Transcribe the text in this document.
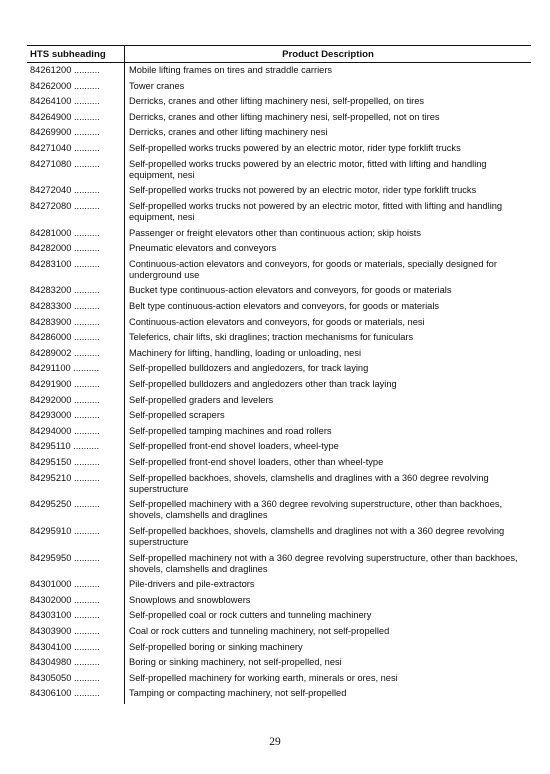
HTS subheading	Product Description
84261200 ..........	Mobile lifting frames on tires and straddle carriers
84262000 ..........	Tower cranes
84264100 ..........	Derricks, cranes and other lifting machinery nesi, self-propelled, on tires
84264900 ..........	Derricks, cranes and other lifting machinery nesi, self-propelled, not on tires
84269900 ..........	Derricks, cranes and other lifting machinery nesi
84271040 ..........	Self-propelled works trucks powered by an electric motor, rider type forklift trucks
84271080 ..........	Self-propelled works trucks powered by an electric motor, fitted with lifting and handling equipment, nesi
84272040 ..........	Self-propelled works trucks not powered by an electric motor, rider type forklift trucks
84272080 ..........	Self-propelled works trucks not powered by an electric motor, fitted with lifting and handling equipment, nesi
84281000 ..........	Passenger or freight elevators other than continuous action; skip hoists
84282000 ..........	Pneumatic elevators and conveyors
84283100 ..........	Continuous-action elevators and conveyors, for goods or materials, specially designed for underground use
84283200 ..........	Bucket type continuous-action elevators and conveyors, for goods or materials
84283300 ..........	Belt type continuous-action elevators and conveyors, for goods or materials
84283900 ..........	Continuous-action elevators and conveyors, for goods or materials, nesi
84286000 ..........	Teleferics, chair lifts, ski draglines; traction mechanisms for funiculars
84289002 ..........	Machinery for lifting, handling, loading or unloading, nesi
84291100 ..........	Self-propelled bulldozers and angledozers, for track laying
84291900 ..........	Self-propelled bulldozers and angledozers other than track laying
84292000 ..........	Self-propelled graders and levelers
84293000 ..........	Self-propelled scrapers
84294000 ..........	Self-propelled tamping machines and road rollers
84295110 ..........	Self-propelled front-end shovel loaders, wheel-type
84295150 ..........	Self-propelled front-end shovel loaders, other than wheel-type
84295210 ..........	Self-propelled backhoes, shovels, clamshells and draglines with a 360 degree revolving superstructure
84295250 ..........	Self-propelled machinery with a 360 degree revolving superstructure, other than backhoes, shovels, clamshells and draglines
84295910 ..........	Self-propelled backhoes, shovels, clamshells and draglines not with a 360 degree revolving superstructure
84295950 ..........	Self-propelled machinery not with a 360 degree revolving superstructure, other than backhoes, shovels, clamshells and draglines
84301000 ..........	Pile-drivers and pile-extractors
84302000 ..........	Snowplows and snowblowers
84303100 ..........	Self-propelled coal or rock cutters and tunneling machinery
84303900 ..........	Coal or rock cutters and tunneling machinery, not self-propelled
84304100 ..........	Self-propelled boring or sinking machinery
84304980 ..........	Boring or sinking machinery, not self-propelled, nesi
84305050 ..........	Self-propelled machinery for working earth, minerals or ores, nesi
84306100 ..........	Tamping or compacting machinery, not self-propelled
29
